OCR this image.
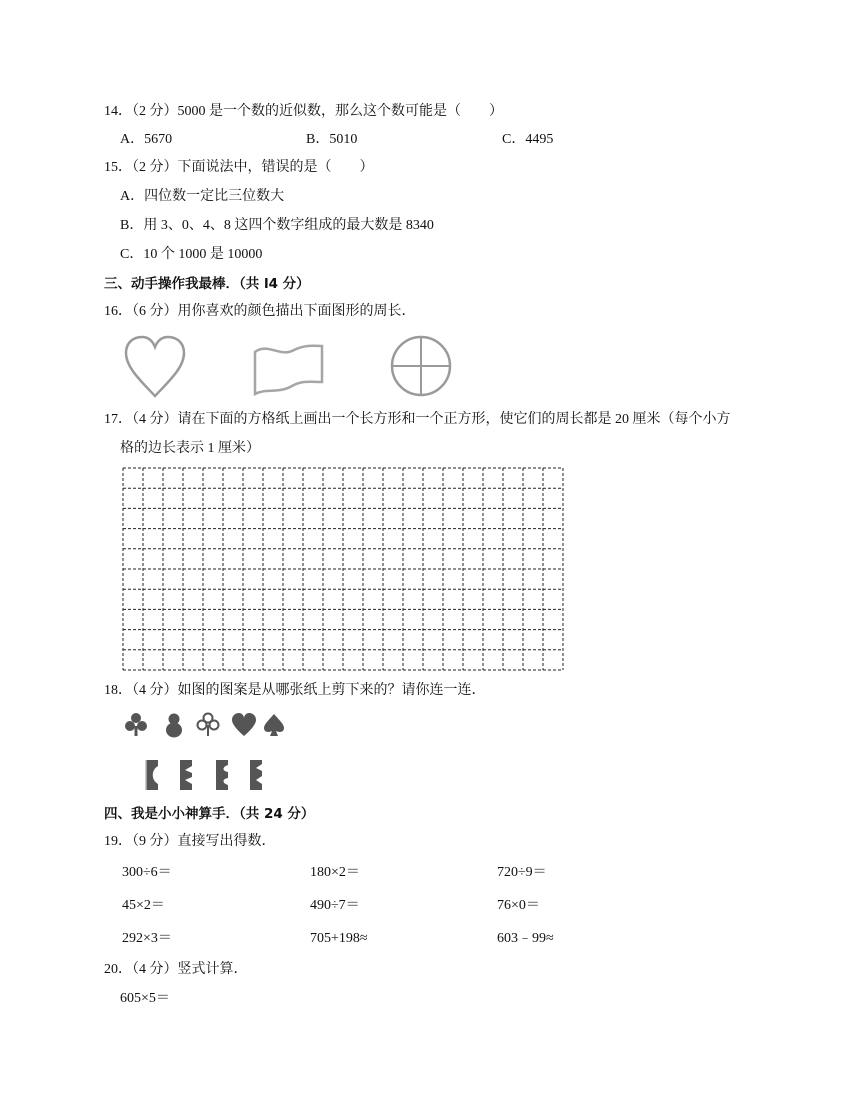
14．（2 分）5000 是一个数的近似数，那么这个数可能是（　　）
A．5670	B．5010	C．4495
15．（2 分）下面说法中，错误的是（　　）
A．四位数一定比三位数大
B．用 3、0、4、8 这四个数字组成的最大数是 8340
C．10 个 1000 是 10000
三、动手操作我最棒．（共 l4 分）
16．（6 分）用你喜欢的颜色描出下面图形的周长．
17．（4 分）请在下面的方格纸上画出一个长方形和一个正方形，使它们的周长都是 20 厘米（每个小方
格的边长表示 1 厘米）
18．（4 分）如图的图案是从哪张纸上剪下来的？请你连一连．
四、我是小小神算手．（共 24 分）
19．（9 分）直接写出得数．
300÷6＝	180×2＝	720÷9＝
45×2＝	490÷7＝	76×0＝
292×3＝	705+198≈	603﹣99≈
20．（4 分）竖式计算．
605×5＝
